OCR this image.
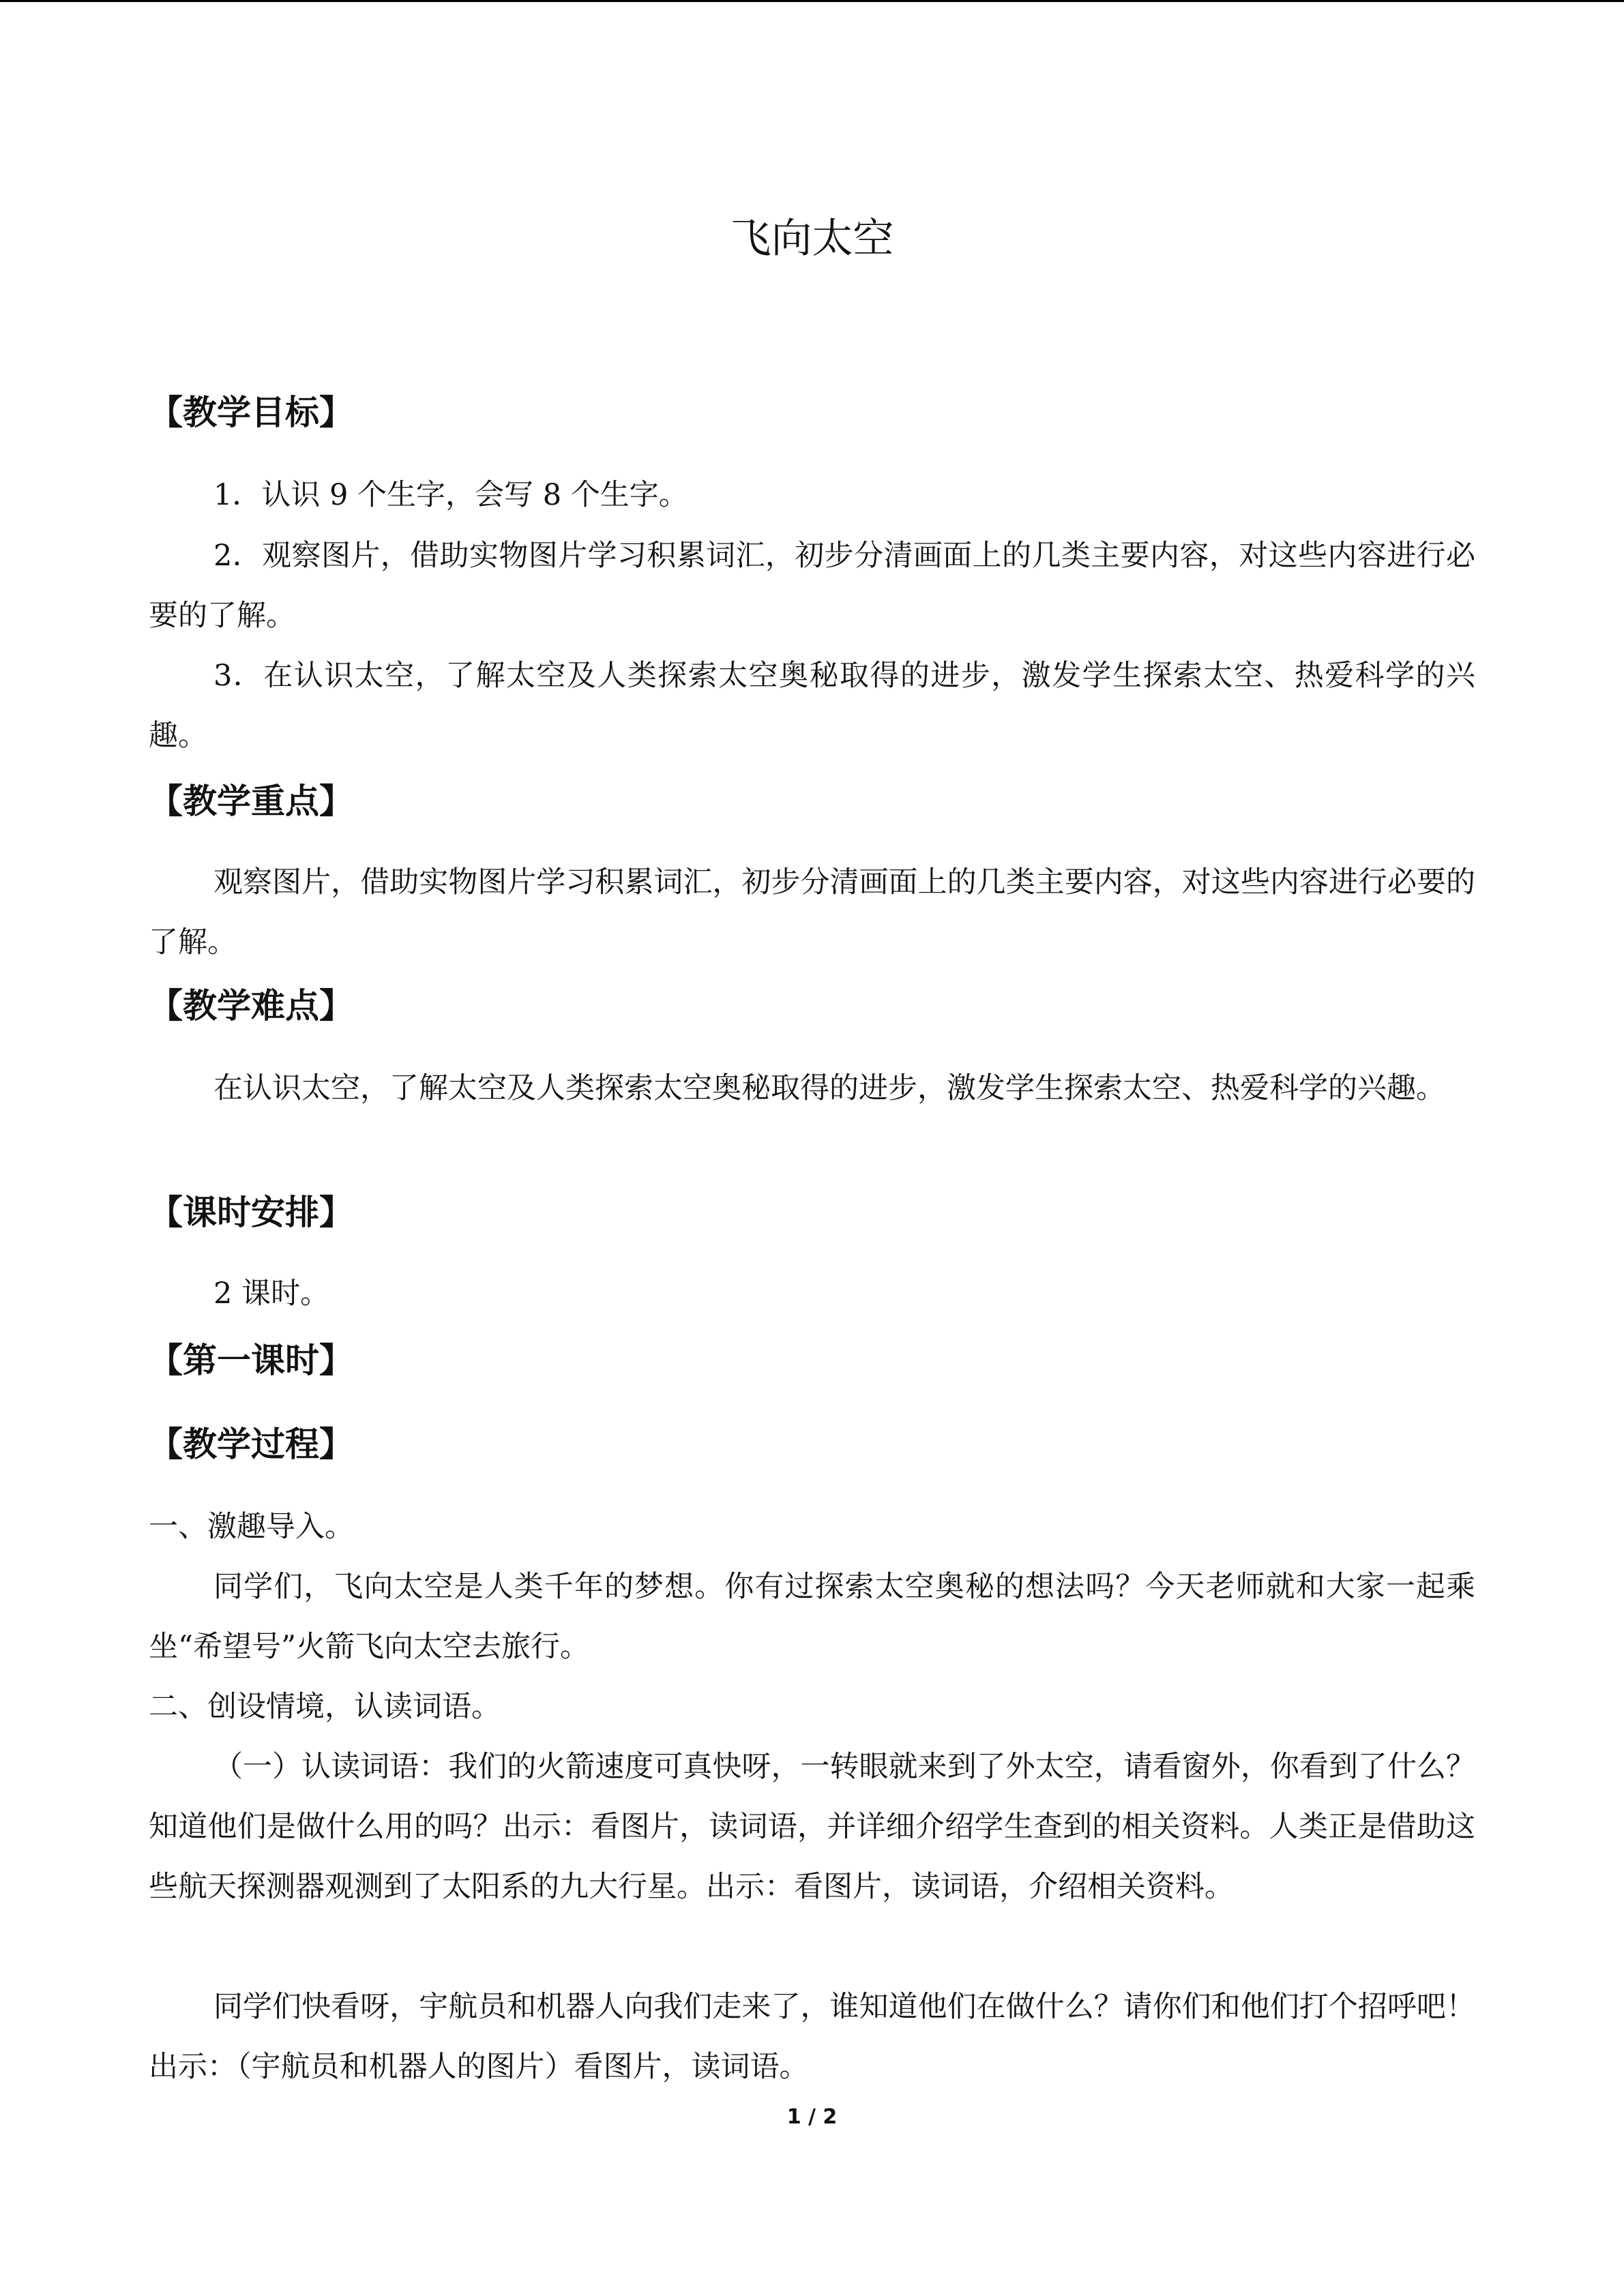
飞向太空
【教学目标】

1．认识 9 个生字，会写 8 个生字。

2．观察图片，借助实物图片学习积累词汇，初步分清画面上的几类主要内容，对这些内容进行必要的了解。

3．在认识太空，了解太空及人类探索太空奥秘取得的进步，激发学生探索太空、热爱科学的兴趣。

【教学重点】

观察图片，借助实物图片学习积累词汇，初步分清画面上的几类主要内容，对这些内容进行必要的了解。

【教学难点】

在认识太空，了解太空及人类探索太空奥秘取得的进步，激发学生探索太空、热爱科学的兴趣。

【课时安排】

2 课时。

【第一课时】
【教学过程】

一、激趣导入。

同学们，飞向太空是人类千年的梦想。你有过探索太空奥秘的想法吗？今天老师就和大家一起乘坐“希望号”火箭飞向太空去旅行。

二、创设情境，认读词语。

（一）认读词语：我们的火箭速度可真快呀，一转眼就来到了外太空，请看窗外，你看到了什么？知道他们是做什么用的吗？出示：看图片，读词语，并详细介绍学生查到的相关资料。人类正是借助这些航天探测器观测到了太阳系的九大行星。出示：看图片，读词语，介绍相关资料。

同学们快看呀，宇航员和机器人向我们走来了，谁知道他们在做什么？请你们和他们打个招呼吧！出示：（宇航员和机器人的图片）看图片，读词语。

1 / 2
